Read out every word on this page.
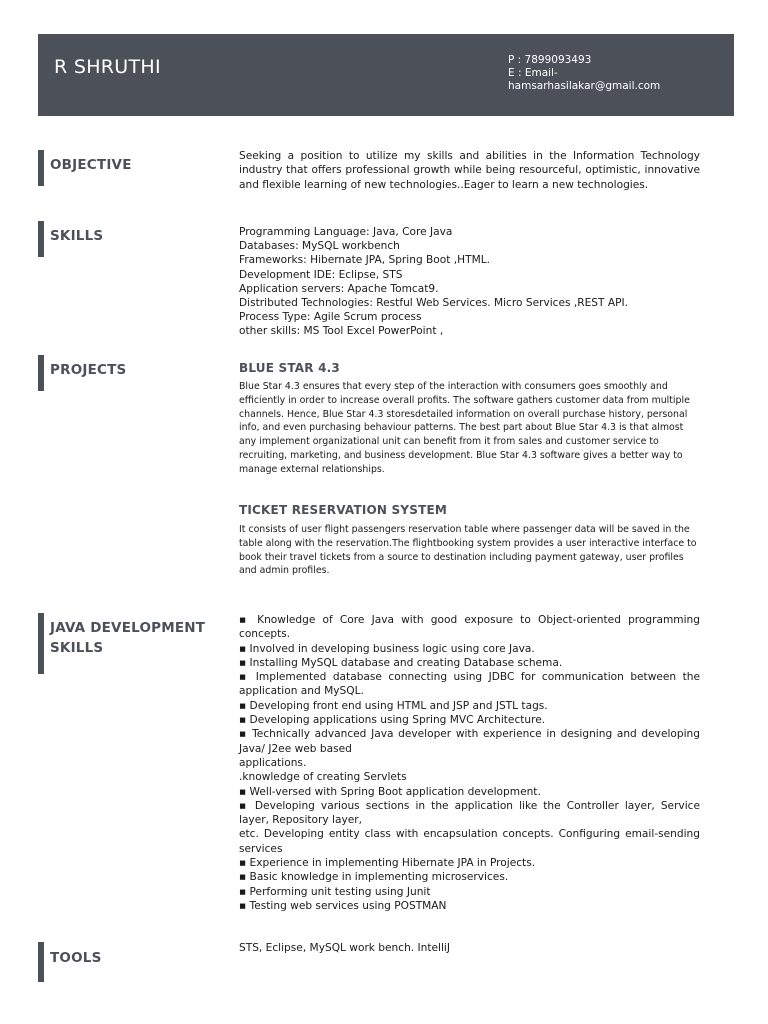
R SHRUTHI	P : 7899093493
E : Email-
hamsarhasilakar@gmail.com
OBJECTIVE
Seeking a position to utilize my skills and abilities in the Information Technology industry that offers professional growth while being resourceful, optimistic, innovative and flexible learning of new technologies..Eager to learn a new technologies.
SKILLS	Programming Language: Java, Core Java
Databases: MySQL workbench
Frameworks: Hibernate JPA, Spring Boot ,HTML.
Development IDE: Eclipse, STS
Application servers: Apache Tomcat9.
Distributed Technologies: Restful Web Services. Micro Services ,REST API.
Process Type: Agile Scrum process
other skills: MS Tool Excel PowerPoint ,
PROJECTS	BLUE STAR 4.3
Blue Star 4.3 ensures that every step of the interaction with consumers goes smoothly and
efficiently in order to increase overall profits. The software gathers customer data from multiple
channels. Hence, Blue Star 4.3 storesdetailed information on overall purchase history, personal
info, and even purchasing behaviour patterns. The best part about Blue Star 4.3 is that almost
any implement organizational unit can benefit from it from sales and customer service to
recruiting, marketing, and business development. Blue Star 4.3 software gives a better way to
manage external relationships.
TICKET RESERVATION SYSTEM
It consists of user flight passengers reservation table where passenger data will be saved in the
table along with the reservation.The flightbooking system provides a user interactive interface to
book their travel tickets from a source to destination including payment gateway, user profiles
and admin profiles.
JAVA DEVELOPMENT
SKILLS
▪ Knowledge of Core Java with good exposure to Object-oriented programming concepts.
▪ Involved in developing business logic using core Java.
▪ Installing MySQL database and creating Database schema.
▪ Implemented database connecting using JDBC for communication between the application and MySQL.
▪ Developing front end using HTML and JSP and JSTL tags.
▪ Developing applications using Spring MVC Architecture.
▪ Technically advanced Java developer with experience in designing and developing Java/ J2ee web based
applications.
.knowledge of creating Servlets
▪ Well-versed with Spring Boot application development.
▪ Developing various sections in the application like the Controller layer, Service layer, Repository layer,
etc. Developing entity class with encapsulation concepts. Configuring email-sending services
▪ Experience in implementing Hibernate JPA in Projects.
▪ Basic knowledge in implementing microservices.
▪ Performing unit testing using Junit
▪ Testing web services using POSTMAN
TOOLS
STS, Eclipse, MySQL work bench. IntelliJ
